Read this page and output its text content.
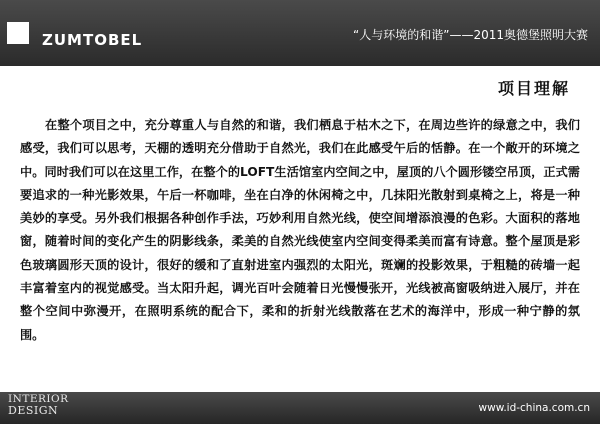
ZUMTOBEL	“人与环境的和谐”——2011奥德堡照明大赛
项目理解

在整个项目之中，充分尊重人与自然的和谐，我们栖息于枯木之下，在周边些许的绿意之中，我们感受，我们可以思考，天棚的透明充分借助于自然光，我们在此感受午后的恬静。在一个敞开的环境之中。同时我们可以在这里工作，在整个的LOFT生活馆室内空间之中，屋顶的八个圆形镂空吊顶，正式需要追求的一种光影效果，午后一杯咖啡，坐在白净的休闲椅之中，几抹阳光散射到桌椅之上，将是一种美妙的享受。另外我们根据各种创作手法，巧妙利用自然光线，使空间增添浪漫的色彩。大面积的落地窗，随着时间的变化产生的阴影线条，柔美的自然光线使室内空间变得柔美而富有诗意。整个屋顶是彩色玻璃圆形天顶的设计，很好的缓和了直射进室内强烈的太阳光，斑斓的投影效果，于粗糙的砖墙一起丰富着室内的视觉感受。当太阳升起，调光百叶会随着日光慢慢张开，光线被高窗吸纳进入展厅，并在整个空间中弥漫开，在照明系统的配合下，柔和的折射光线散落在艺术的海洋中，形成一种宁静的氛围。

INTERIOR
DESIGN	www.id-china.com.cn
